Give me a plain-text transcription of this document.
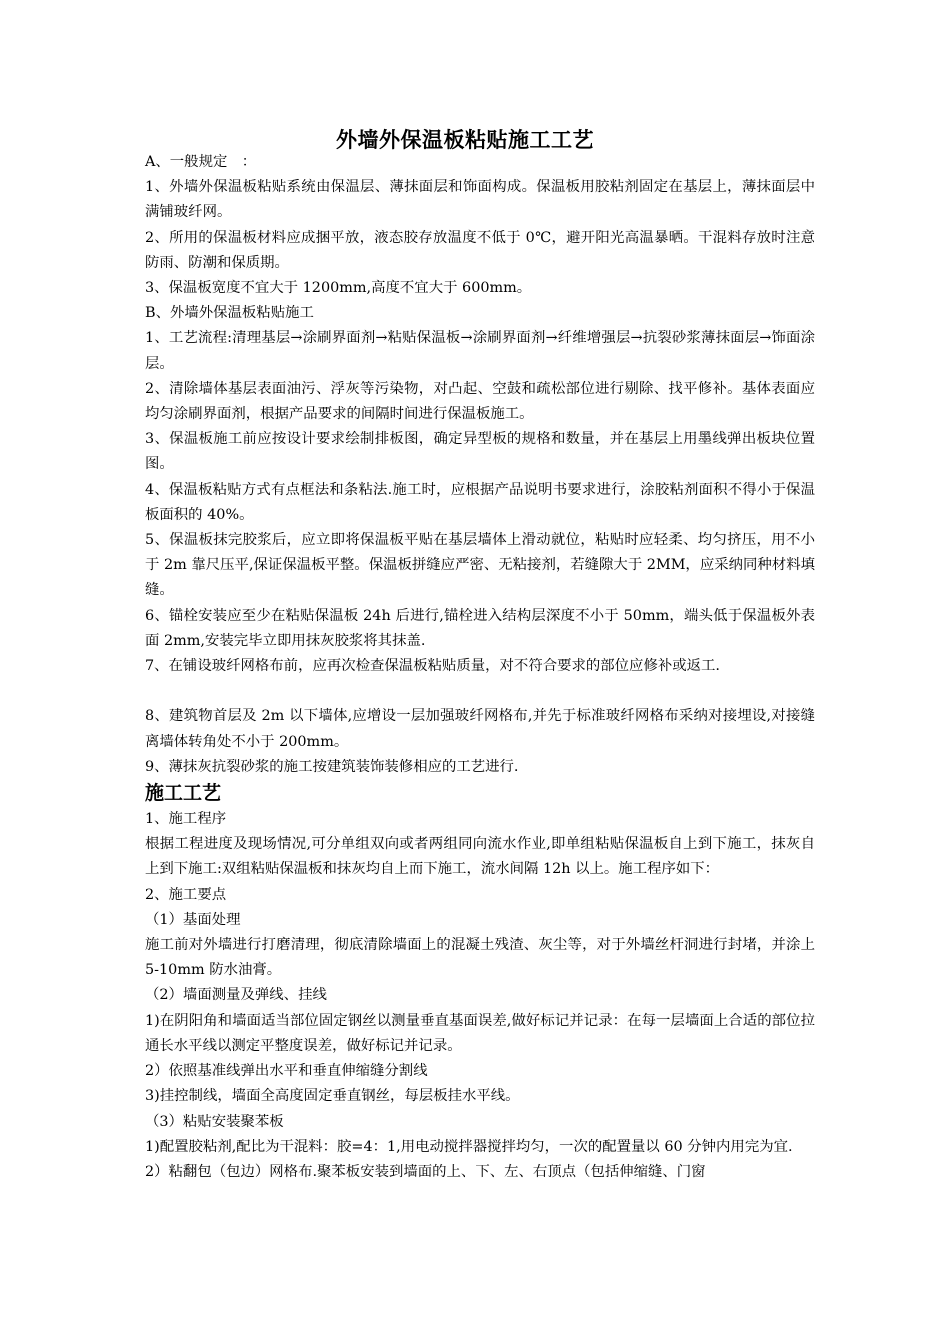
外墙外保温板粘贴施工工艺

A、一般规定　：

1、外墙外保温板粘贴系统由保温层、薄抹面层和饰面构成。保温板用胶粘剂固定在基层上，薄抹面层中满铺玻纤网。

2、所用的保温板材料应成捆平放，液态胶存放温度不低于 0℃，避开阳光高温暴晒。干混料存放时注意防雨、防潮和保质期。

3、保温板宽度不宜大于 1200mm,高度不宜大于 600mm。

B、外墙外保温板粘贴施工

1、工艺流程:清理基层→涂刷界面剂→粘贴保温板→涂刷界面剂→纤维增强层→抗裂砂浆薄抹面层→饰面涂层。

2、清除墙体基层表面油污、浮灰等污染物，对凸起、空鼓和疏松部位进行剔除、找平修补。基体表面应均匀涂刷界面剂，根据产品要求的间隔时间进行保温板施工。

3、保温板施工前应按设计要求绘制排板图，确定异型板的规格和数量，并在基层上用墨线弹出板块位置图。

4、保温板粘贴方式有点框法和条粘法.施工时，应根据产品说明书要求进行，涂胶粘剂面积不得小于保温板面积的 40%。

5、保温板抹完胶浆后，应立即将保温板平贴在基层墙体上滑动就位，粘贴时应轻柔、均匀挤压，用不小于 2m 靠尺压平,保证保温板平整。保温板拼缝应严密、无粘接剂，若缝隙大于 2MM，应采纳同种材料填缝。

6、锚栓安装应至少在粘贴保温板 24h 后进行,锚栓进入结构层深度不小于 50mm，端头低于保温板外表面 2mm,安装完毕立即用抹灰胶浆将其抹盖.

7、在铺设玻纤网格布前，应再次检查保温板粘贴质量，对不符合要求的部位应修补或返工.

8、建筑物首层及 2m 以下墙体,应增设一层加强玻纤网格布,并先于标准玻纤网格布采纳对接埋设,对接缝离墙体转角处不小于 200mm。

9、薄抹灰抗裂砂浆的施工按建筑装饰装修相应的工艺进行.

施工工艺

1、施工程序

根据工程进度及现场情况,可分单组双向或者两组同向流水作业,即单组粘贴保温板自上到下施工，抹灰自上到下施工:双组粘贴保温板和抹灰均自上而下施工，流水间隔 12h 以上。施工程序如下：

2、施工要点

（1）基面处理

施工前对外墙进行打磨清理，彻底清除墙面上的混凝土残渣、灰尘等，对于外墙丝杆洞进行封堵，并涂上 5-10mm 防水油膏。

（2）墙面测量及弹线、挂线

1)在阴阳角和墙面适当部位固定钢丝以测量垂直基面误差,做好标记并记录：在每一层墙面上合适的部位拉通长水平线以测定平整度误差，做好标记并记录。

2）依照基准线弹出水平和垂直伸缩缝分割线

3)挂控制线，墙面全高度固定垂直钢丝，每层板挂水平线。

（3）粘贴安装聚苯板

1)配置胶粘剂,配比为干混料：胶=4：1,用电动搅拌器搅拌均匀，一次的配置量以 60 分钟内用完为宜.

2）粘翻包（包边）网格布.聚苯板安装到墙面的上、下、左、右顶点（包括伸缩缝、门窗
